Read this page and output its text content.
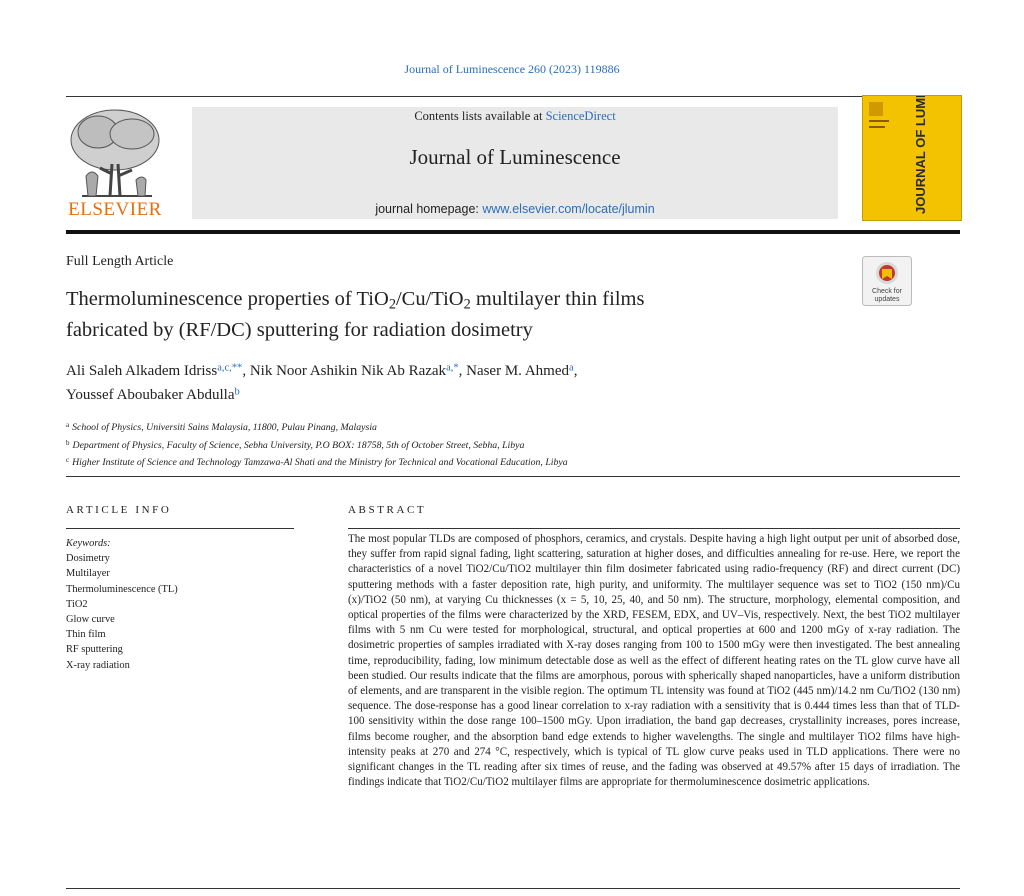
Journal of Luminescence 260 (2023) 119886
ELSEVIER
Contents lists available at ScienceDirect
Journal of Luminescence
journal homepage: www.elsevier.com/locate/jlumin	JOURNAL OF LUMINESCENCE
Full Length Article
Thermoluminescence properties of TiO$_2$/Cu/TiO$_2$ multilayer thin films
fabricated by (RF/DC) sputtering for radiation dosimetry
Check for
updates
Ali Saleh Alkadem Idriss$^{a,c,**}$, Nik Noor Ashikin Nik Ab Razak$^{a,*}$, Naser M. Ahmed$^a$,
Youssef Aboubaker Abdulla$^b$
$^a$ School of Physics, Universiti Sains Malaysia, 11800, Pulau Pinang, Malaysia
$^b$ Department of Physics, Faculty of Science, Sebha University, P.O BOX: 18758, 5th of October Street, Sebha, Libya
$^c$ Higher Institute of Science and Technology Tamzawa-Al Shati and the Ministry for Technical and Vocational Education, Libya
ARTICLE INFO	ABSTRACT
Keywords:
Dosimetry
Multilayer
Thermoluminescence (TL)
TiO2
Glow curve
Thin film
RF sputtering
X-ray radiation
The most popular TLDs are composed of phosphors, ceramics, and crystals. Despite having a high light output per unit of absorbed dose, they suffer from rapid signal fading, light scattering, saturation at higher doses, and difficulties annealing for re-use. Here, we report the characteristics of a novel TiO2/Cu/TiO2 multilayer thin film dosimeter fabricated using radio-frequency (RF) and direct current (DC) sputtering methods with a faster deposition rate, high purity, and uniformity. The multilayer sequence was set to TiO2 (150 nm)/Cu (x)/TiO2 (50 nm), at varying Cu thicknesses (x = 5, 10, 25, 40, and 50 nm). The structure, morphology, elemental composition, and optical properties of the films were characterized by the XRD, FESEM, EDX, and UV–Vis, respectively. Next, the best TiO2 multilayer films with 5 nm Cu were tested for morphological, structural, and optical properties at 600 and 1200 mGy of x-ray radiation. The dosimetric properties of samples irradiated with X-ray doses ranging from 100 to 1500 mGy were then investigated. The best annealing time, reproducibility, fading, low minimum detectable dose as well as the effect of different heating rates on the TL glow curve have all been studied. Our results indicate that the films are amorphous, porous with spherically shaped nanoparticles, have a uniform distribution of elements, and are transparent in the visible region. The optimum TL intensity was found at TiO2 (445 nm)/14.2 nm Cu/TiO2 (130 nm) sequence. The dose-response has a good linear correlation to x-ray radiation with a sensitivity that is 0.444 times less than that of TLD-100 sensitivity within the dose range 100–1500 mGy. Upon irradiation, the band gap decreases, crystallinity increases, pores increase, films become rougher, and the absorption band edge extends to higher wavelengths. The single and multilayer TiO2 films have high-intensity peaks at 270 and 274 °C, respectively, which is typical of TL glow curve peaks used in TLD applications. There were no significant changes in the TL reading after six times of reuse, and the fading was observed at 49.57% after 15 days of irradiation. The findings indicate that TiO2/Cu/TiO2 multilayer films are appropriate for thermoluminescence dosimetric applications.
